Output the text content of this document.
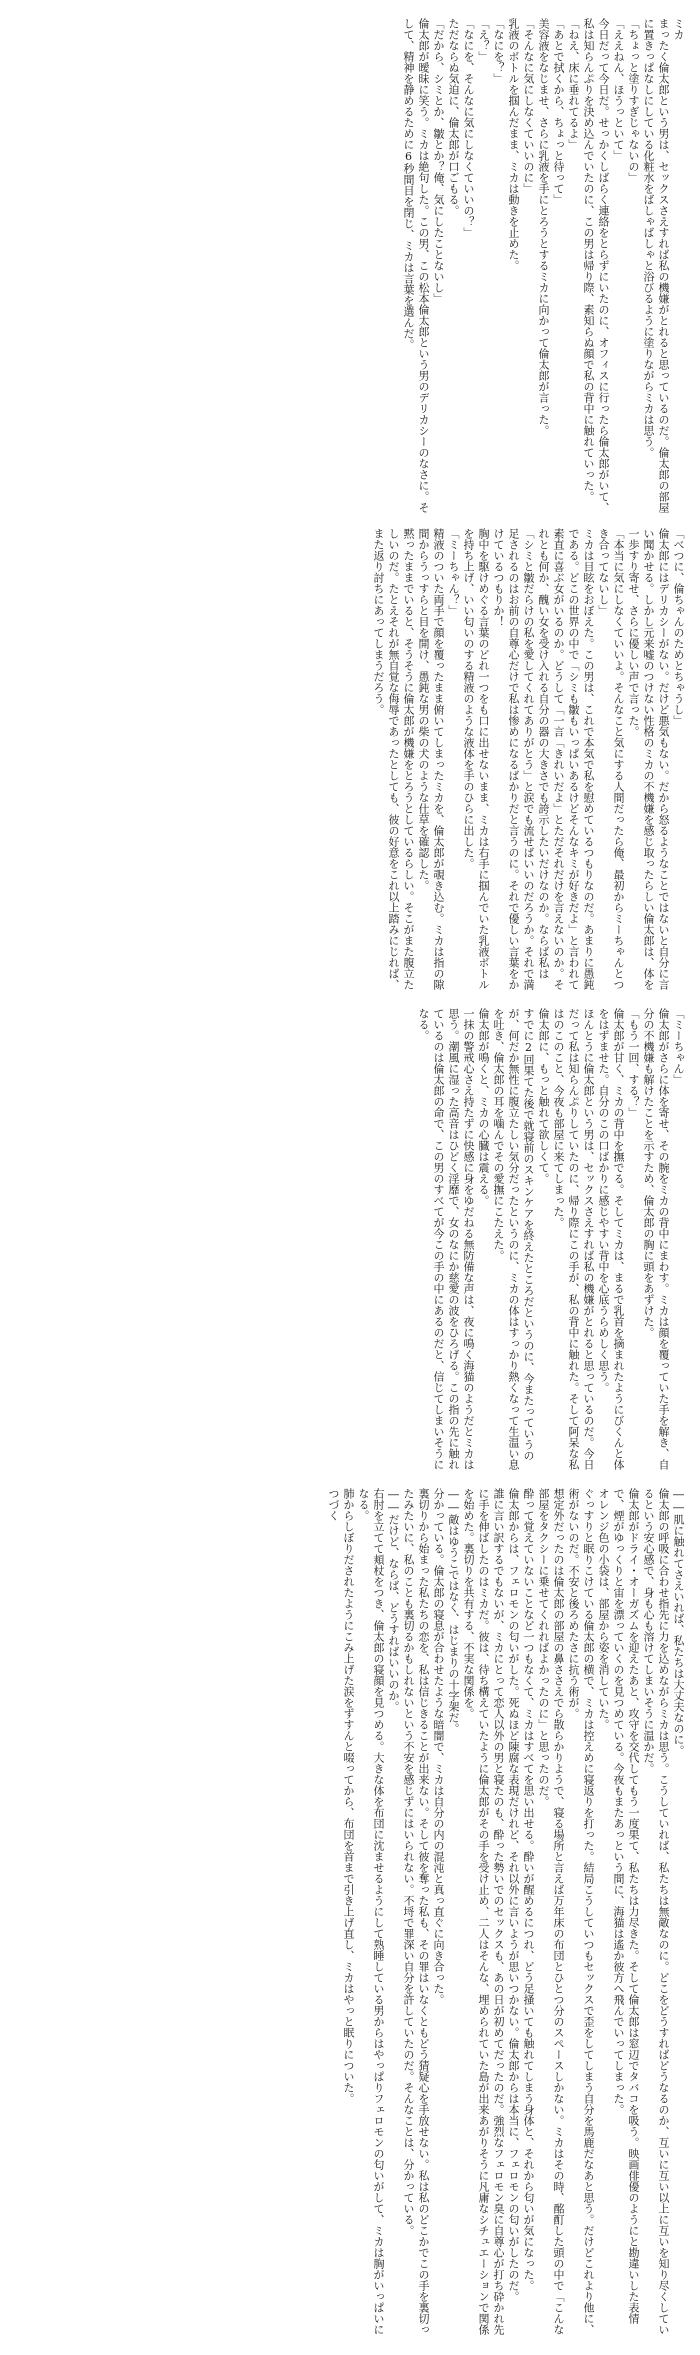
ミカ

まったく倫太郎という男は、セックスさえすれば私の機嫌がとれると思っているのだ。倫太郎の部屋に置きっぱなしにしている化粧水をばしゃばしゃと浴びるように塗りながらミカは思う。

「ちょっと塗りすぎじゃないの」

「ええねん、ほうっといて」

今日だって今日だ。せっかくしばらく連絡をとらずにいたのに、オフィスに行ったら倫太郎がいて、私は知らんぷりを決め込んでいたのに、この男は帰り際、素知らぬ顔で私の背中に触れていった。

「ねえ、床に垂れてるよ」

「あとで拭くから、ちょっと待って」

美容液をなじませ、さらに乳液を手にとろうとするミカに向かって倫太郎が言った。

「そんなに気にしなくていいのに」

乳液のボトルを掴んだまま、ミカは動きを止めた。

「なにを？」

「え？」

「なにを、そんなに気にしなくていいの？」

ただならぬ気迫に、倫太郎が口ごもる。

「だから、シミとか、皺とか？俺、気にしたことないし」

倫太郎が曖昧に笑う。ミカは絶句した。この男、この松本倫太郎という男のデリカシーのなさに。そして、精神を静めるために6秒間目を閉じ、ミカは言葉を選んだ。

「べつに、倫ちゃんのためとちゃうし」

倫太郎にはデリカシーがない。だけど悪気もない。だから怒るようなことではないと自分に言い聞かせる。しかし元来嘘のつけない性格のミカの不機嫌を感じ取ったらしい倫太郎は、体を一歩すり寄せ、さらに優しい声で言った。

「本当に気にしなくていいよ。そんなこと気にする人間だったら俺、最初からミーちゃんとつき合ってないし」

ミカは目眩をおぼえた。この男は、これで本気で私を慰めているつもりなのだ。あまりに愚鈍である。どこの世界の中で「シミも皺もいっぱいあるけどそんなキミが好きだよ」と言われて素直に喜ぶ女がいるのか。どうして「一言「きれいだよ」とただそれだけを言えないのか。それとも何か、醜い女を受け入れる自分の器の大きさでも誇示したいだけなのか。ならば私は「シミと皺だらけの私を愛してくれてありがとう」と涙でも流せばいいのだろうか。それで満足されるのはお前の自尊心だけで私は惨めになるばかりだと言うのに。それで優しい言葉をかけているつもりか！

胸中を駆けめぐる言葉のどれ一つをも口に出せないまま、ミカは右手に掴んでいた乳液ボトルを持ち上げ、いい匂いのする精液のような液体を手のひらに出した。

「ミーちゃん？」

精液のついた両手で顔を覆ったまま俯いてしまったミカを、倫太郎が覗き込む。ミカは指の隙間からうっすらと目を開け、愚鈍な男の柴の犬のような仕草を確認した。

黙ったままでいると、そうそうに倫太郎が機嫌をとろうとしているらしい。そこがまた腹立たしいのだ。たとえそれが無自覚な侮辱であったとしても、彼の好意をこれ以上踏みにじれば、また返り討ちにあってしまうだろう。

「ミーちゃん」

倫太郎がさらに体を寄せ、その腕をミカの背中にまわす。ミカは顔を覆っていた手を解き、自分の不機嫌も解けたことを示すため、倫太郎の胸に頭をあずけた。

「もう一回、する？」

倫太郎が甘く、ミカの背中を撫でる。そしてミカは、まるで乳首を摘まれたようにびくんと体をはずませた。自分のこの口ばかりに感じやすい背中を心底うらめしく思う。

ほんとうに倫太郎という男は、セックスさえすれば私の機嫌がとれると思っているのだ。今日だって私は知らんぷりしていたのに、帰り際にこの手が、私の背中に触れた。そして阿呆な私はのこのこと、今夜も部屋に来てしまった。

倫太郎に、もっと触れて欲しくて。

すでに2回果てた後で就寝前のスキンケアを終えたところだというのに、今またっていうのが、何だか無性に腹立たしい気分だったというのに、ミカの体はすっかり熱くなって生温い息を吐き、倫太郎の耳を噛んでその愛撫にこたえた。

倫太郎が鳴くと、ミカの心臓は震える。

一抹の警戒心さえ持たずに快感に身をゆだねる無防備な声は、夜に鳴く海猫のようだとミカは思う。潮風に湿った高音はひどく淫靡で、女のなにか慈愛の波をひろげる。この指の先に触れているのは倫太郎の命で、この男のすべてが今この手の中にあるのだと、信じてしまいそうになる。

――肌に触れてさえいれば、私たちは大丈夫なのに。

倫太郎の呼吸に合わせ指先に力を込めながらミカは思う。こうしていれば、私たちは無敵なのに。どこをどうすればどうなるのか、互いに互い以上に互いを知り尽くしているという安心感で、身も心も溶けてしまいそうに温かだ。

倫太郎がドライ・オーガズムを迎えたあと、攻守を交代してもう一度果て、私たちは力尽きた。そして倫太郎は窓辺でタバコを吸う。映画俳優のようにと勘違いした表情で、煙がゆっくりと宙を漂っていくのを見つめている。今夜もまたあっという間に、海猫は遙か彼方へ飛んでいってしまった。

オレンジ色の小袋は、部屋から姿を消していた。

ぐっすりと眠りこけている倫太郎の横で、ミカは控えめに寝返りを打った。結局こうしていつもセックスで歪をしてしまう自分を馬鹿だなあと思う。だけどこれより他に、術がないのだ。不安と後ろめたさに抗う術が。

想定外だったのは倫太郎の部屋の鼻ささえでら散らかりようで、寝る場所と言えば万年床の布団とひとつ分のスペースしかない。ミカはその時、酩酊した頭の中で「こんな部屋をタクシーに乗せてくれればよかったのに」と思ったのだ。

酔って覚えていないことなど一つもなくて、ミカはすべてを思い出せる。酔いが醒めるにつれ、どう足掻いても触れてしまう身体と、それから匂いが気になった。

倫太郎からは、フェロモンの匂いがした。死ぬほど陳腐な表現だけれど、それ以外に言いようが思いつかない。倫太郎からは本当に、フェロモンの匂いがしたのだ。

誰に言い訳するでもないが、ミカにとって恋人以外の男と寝たのも、酔った勢いでのセックスも、あの日が初めてだったのだ。強烈なフェロモン臭に自尊心が打ち砕かれ先に手を伸ばしたのはミカだ。彼は、待ち構えていたように倫太郎がその手を受け止め、二人はそんな、埋められていた島が出来あがりそうに凡庸なシチュエーションで関係を始めた。裏切りを共有する、不実な関係を。

――敵はゆうこではなく、はじまりの十字架だ。

分かっている。倫太郎の寝息が合わせたような暗闇で、ミカは自分の内の混沌と真っ直ぐに向き合った。

裏切りから始まった私たちの恋を、私は信じきることが出来ない。そして彼を奪った私も、その罪はいなくともどう猜疑心を手放せない。私は私のどこかでこの手を裏切ったみたいに、私のことも裏切るかもしれないという不安を感じずにはいられない。不埒で罪深い自分を許していたのだ。そんなことは、分かっている。

――だけど、ならば、どうすればいいのか。

右肘を立てて頬杖をつき、倫太郎の寝顔を見つめる。大きな体を布団に沈ませるようにして熟睡している男からはやっぱりフェロモンの匂いがして、ミカは胸がいっぱいになる。

肺からしぼりだされたようにこみ上げた涙をずすんと啜ってから、布団を首まで引き上げ直し、ミカはやっと眠りについた。

つづく
